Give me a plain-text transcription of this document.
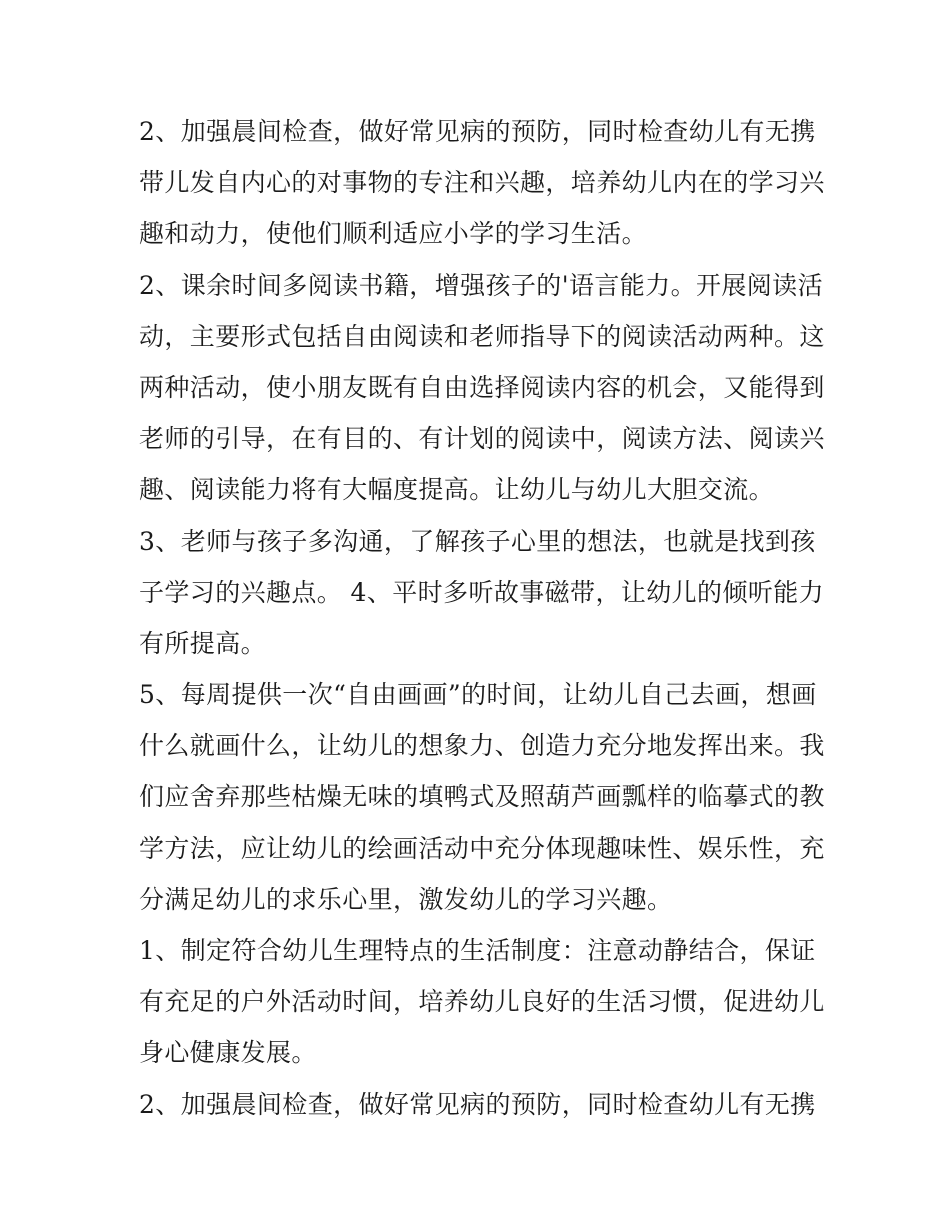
2、加强晨间检查，做好常见病的预防，同时检查幼儿有无携
带儿发自内心的对事物的专注和兴趣，培养幼儿内在的学习兴
趣和动力，使他们顺利适应小学的学习生活。
2、课余时间多阅读书籍，增强孩子的'语言能力。开展阅读活
动，主要形式包括自由阅读和老师指导下的阅读活动两种。这
两种活动，使小朋友既有自由选择阅读内容的机会，又能得到
老师的引导，在有目的、有计划的阅读中，阅读方法、阅读兴
趣、阅读能力将有大幅度提高。让幼儿与幼儿大胆交流。
3、老师与孩子多沟通，了解孩子心里的想法，也就是找到孩
子学习的兴趣点。 4、平时多听故事磁带，让幼儿的倾听能力
有所提高。
5、每周提供一次“自由画画”的时间，让幼儿自己去画，想画
什么就画什么，让幼儿的想象力、创造力充分地发挥出来。我
们应舍弃那些枯燥无味的填鸭式及照葫芦画瓢样的临摹式的教
学方法，应让幼儿的绘画活动中充分体现趣味性、娱乐性，充
分满足幼儿的求乐心里，激发幼儿的学习兴趣。
1、制定符合幼儿生理特点的生活制度：注意动静结合，保证
有充足的户外活动时间，培养幼儿良好的生活习惯，促进幼儿
身心健康发展。
2、加强晨间检查，做好常见病的预防，同时检查幼儿有无携
